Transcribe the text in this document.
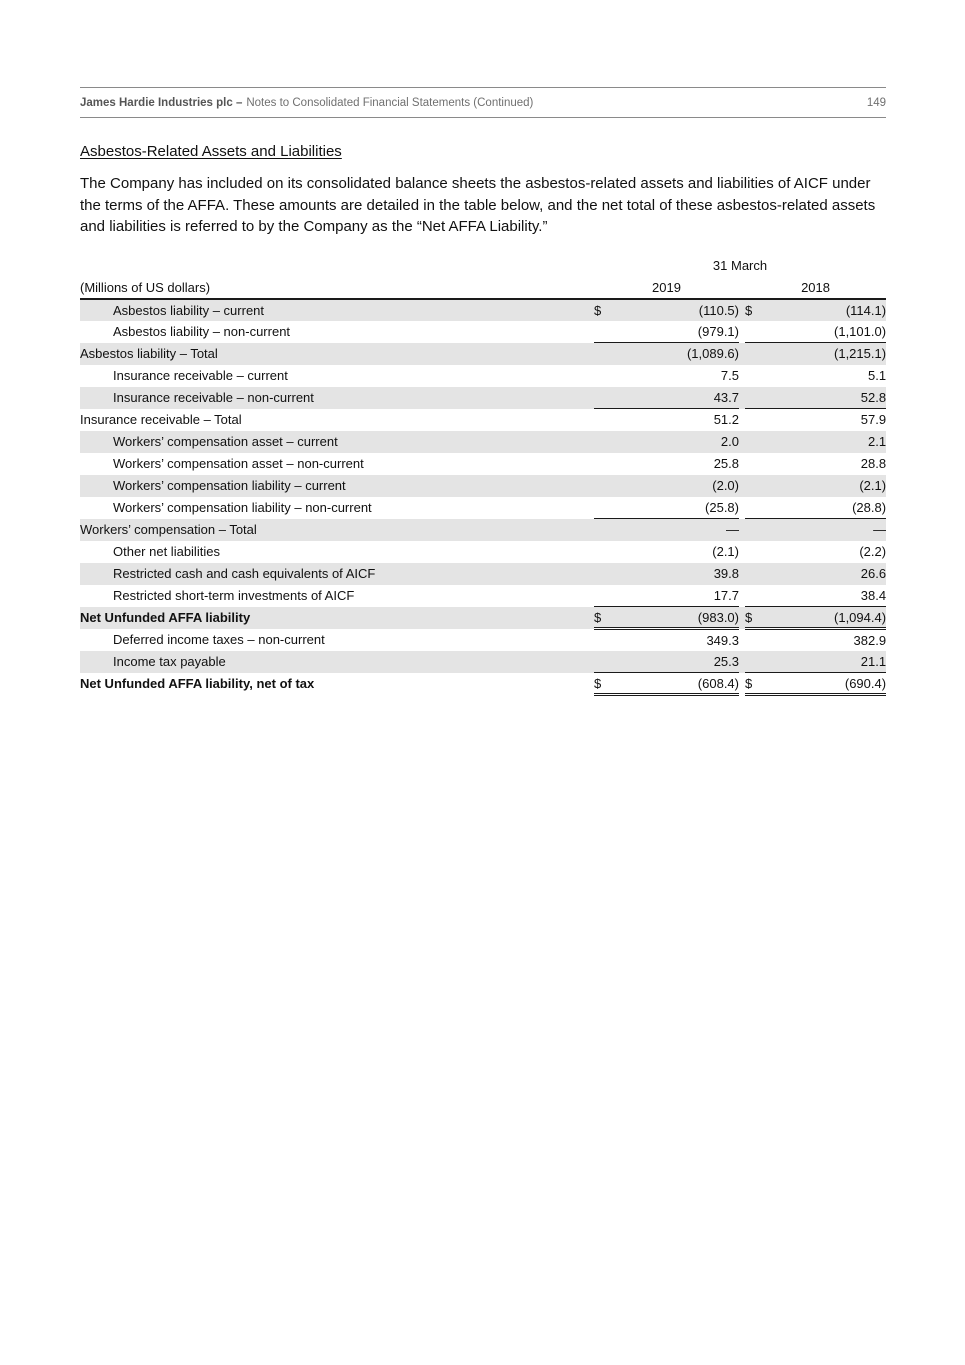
James Hardie Industries plc – Notes to Consolidated Financial Statements (Continued)	149
Asbestos-Related Assets and Liabilities

The Company has included on its consolidated balance sheets the asbestos-related assets and liabilities of AICF under the terms of the AFFA. These amounts are detailed in the table below, and the net total of these asbestos-related assets and liabilities is referred to by the Company as the “Net AFFA Liability.”

	31 March				
(Millions of US dollars)	2019			2018	
Asbestos liability – current	$	(110.5)		$	(114.1)
Asbestos liability – non-current		(979.1)			(1,101.0)
Asbestos liability – Total		(1,089.6)			(1,215.1)
Insurance receivable – current		7.5			5.1
Insurance receivable – non-current		43.7			52.8
Insurance receivable – Total		51.2			57.9
Workers’ compensation asset – current		2.0			2.1
Workers’ compensation asset – non-current		25.8			28.8
Workers’ compensation liability – current		(2.0)			(2.1)
Workers’ compensation liability – non-current		(25.8)			(28.8)
Workers’ compensation – Total		—			—
Other net liabilities		(2.1)			(2.2)
Restricted cash and cash equivalents of AICF		39.8			26.6
Restricted short-term investments of AICF		17.7			38.4
Net Unfunded AFFA liability	$	(983.0)		$	(1,094.4)
Deferred income taxes – non-current		349.3			382.9
Income tax payable		25.3			21.1
Net Unfunded AFFA liability, net of tax	$	(608.4)		$	(690.4)
